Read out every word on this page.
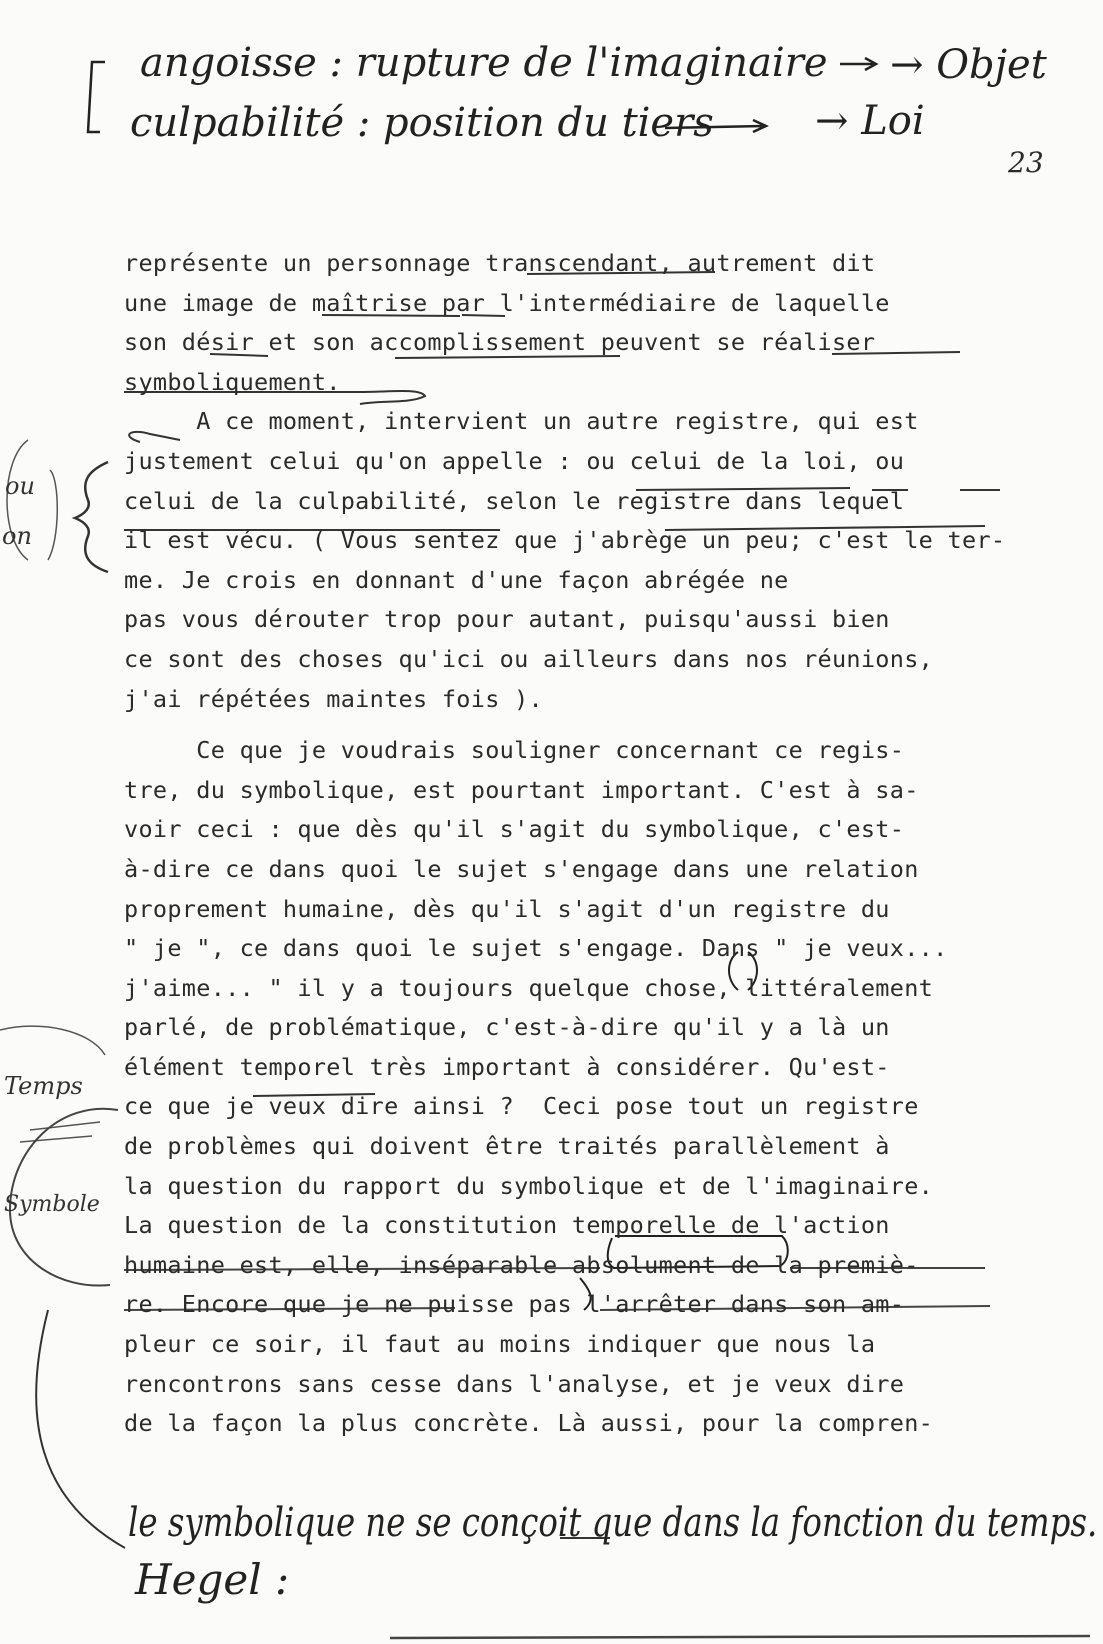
angoisse : rupture de l'imaginaire → Objet
culpabilité : position du tiers	→ Loi
23
ou
on
Temps
Symbole
représente un personnage transcendant, autrement dit
une image de maîtrise par l'intermédiaire de laquelle
son désir et son accomplissement peuvent se réaliser
symboliquement.
A ce moment, intervient un autre registre, qui est
justement celui qu'on appelle : ou celui de la loi, ou
celui de la culpabilité, selon le registre dans lequel
il est vécu. ( Vous sentez que j'abrège un peu; c'est le ter-
me. Je crois en donnant d'une façon abrégée ne
pas vous dérouter trop pour autant, puisqu'aussi bien
ce sont des choses qu'ici ou ailleurs dans nos réunions,
j'ai répétées maintes fois ).
Ce que je voudrais souligner concernant ce regis-
tre, du symbolique, est pourtant important. C'est à sa-
voir ceci : que dès qu'il s'agit du symbolique, c'est-
à-dire ce dans quoi le sujet s'engage dans une relation
proprement humaine, dès qu'il s'agit d'un registre du
" je ", ce dans quoi le sujet s'engage. Dans " je veux...
j'aime... " il y a toujours quelque chose, littéralement
parlé, de problématique, c'est-à-dire qu'il y a là un
élément temporel très important à considérer. Qu'est-
ce que je veux dire ainsi ?  Ceci pose tout un registre
de problèmes qui doivent être traités parallèlement à
la question du rapport du symbolique et de l'imaginaire.
La question de la constitution temporelle de l'action
humaine est, elle, inséparable absolument de la premiè-
re. Encore que je ne puisse pas l'arrêter dans son am-
pleur ce soir, il faut au moins indiquer que nous la
rencontrons sans cesse dans l'analyse, et je veux dire
de la façon la plus concrète. Là aussi, pour la compren-
le symbolique ne se conçoit que dans la fonction du temps.
Hegel :
